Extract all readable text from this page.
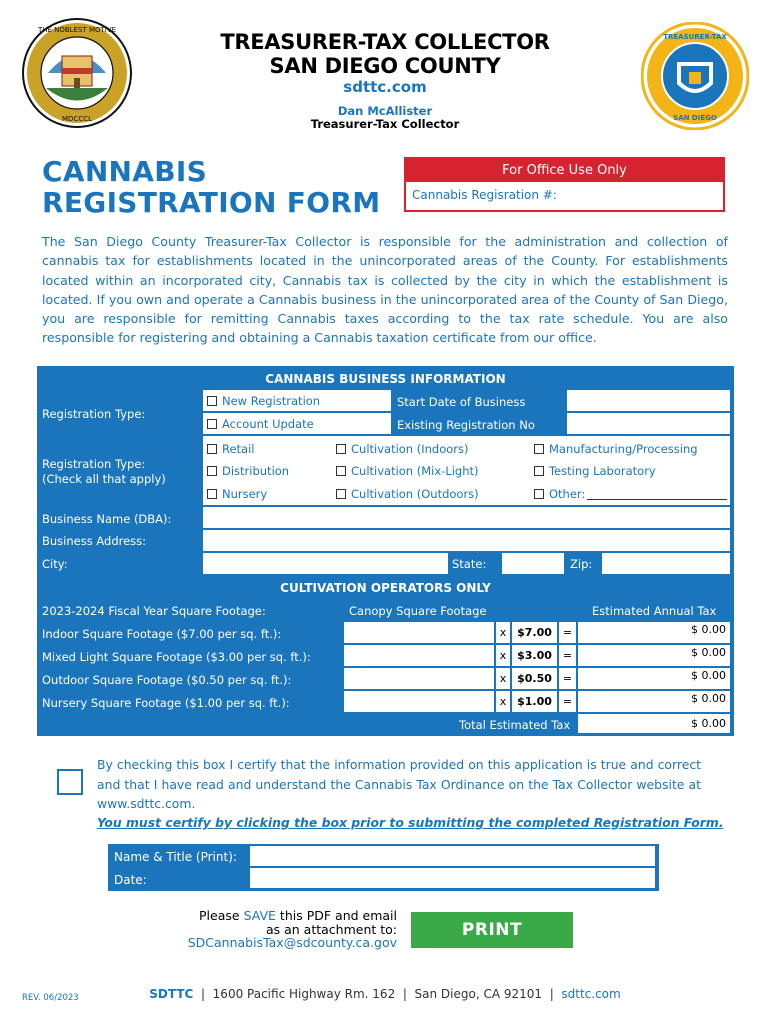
THE NOBLEST MOTIVE
MDCCCL
TREASURER-TAX COLLECTOR
SAN DIEGO COUNTY
sdttc.com
Dan McAllister
Treasurer-Tax Collector
TREASURER-TAX
SAN DIEGO
CANNABIS
REGISTRATION FORM
For Office Use Only
Cannabis Regisration #:
The San Diego County Treasurer-Tax Collector is responsible for the administration and collection of cannabis tax for establishments located in the unincorporated areas of the County. For establishments located within an incorporated city, Cannabis tax is collected by the city in which the establishment is located. If you own and operate a Cannabis business in the unincorporated area of the County of San Diego, you are responsible for remitting Cannabis taxes according to the tax rate schedule. You are also responsible for registering and obtaining a Cannabis taxation certificate from our office.
CANNABIS BUSINESS INFORMATION
Registration Type:
New Registration
Account Update
Start Date of Business
Existing Registration No
Registration Type:
(Check all that apply)
Retail
Distribution
Nursery
Cultivation (Indoors)
Cultivation (Mix-Light)
Cultivation (Outdoors)
Manufacturing/Processing
Testing Laboratory
Other:
Business Name (DBA):
Business Address:
City:	State:	Zip:
CULTIVATION OPERATORS ONLY
2023-2024 Fiscal Year Square Footage:	Canopy Square Footage	Estimated Annual Tax
Indoor Square Footage ($7.00 per sq. ft.):	x $7.00	=	$ 0.00
Mixed Light Square Footage ($3.00 per sq. ft.):	x $3.00	=	$ 0.00
Outdoor Square Footage ($0.50 per sq. ft.):	x $0.50	=	$ 0.00
Nursery Square Footage ($1.00 per sq. ft.):	x $1.00	=	$ 0.00
Total Estimated Tax	$ 0.00
By checking this box I certify that the information provided on this application is true and correct and that I have read and understand the Cannabis Tax Ordinance on the Tax Collector website at www.sdttc.com.
You must certify by clicking the box prior to submitting the completed Registration Form.
Name & Title (Print):
Date:
Please SAVE this PDF and email
as an attachment to:
SDCannabisTax@sdcounty.ca.gov
PRINT
REV. 06/2023	SDTTC | 1600 Pacific Highway Rm. 162 | San Diego, CA 92101 | sdttc.com
